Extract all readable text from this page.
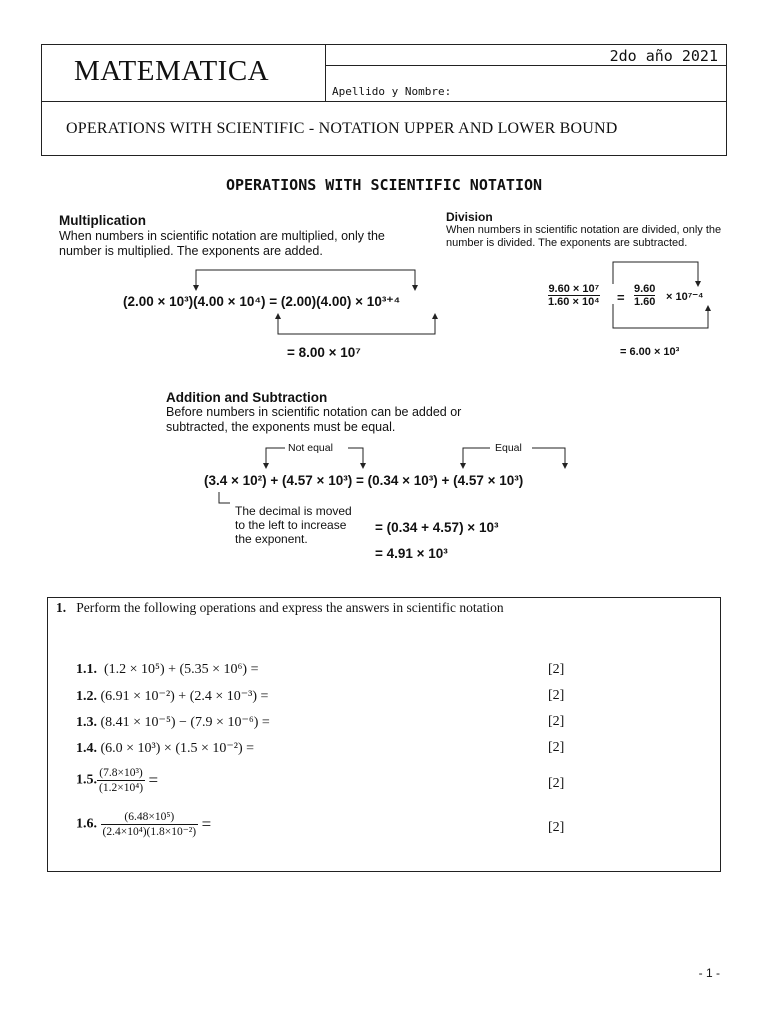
MATEMATICA	2do año 2021
Apellido y Nombre:
OPERATIONS WITH SCIENTIFIC - NOTATION UPPER AND LOWER BOUND
OPERATIONS WITH SCIENTIFIC NOTATION
Multiplication
When numbers in scientific notation are multiplied, only the
number is multiplied. The exponents are added.
(2.00 × 10³)(4.00 × 10⁴) = (2.00)(4.00) × 10³⁺⁴
= 8.00 × 10⁷
Division
When numbers in scientific notation are divided, only the
number is divided. The exponents are subtracted.
$\frac{\text{9.60 × 10⁷}}{\text{1.60 × 10⁴}} = \frac{9.60}{1.60} \times 10^{7-4}$
= 6.00 × 10³
Addition and Subtraction
Before numbers in scientific notation can be added or
subtracted, the exponents must be equal.
Not equal	Equal
(3.4 × 10²) + (4.57 × 10³) = (0.34 × 10³) + (4.57 × 10³)
The decimal is moved
to the left to increase
the exponent.
= (0.34 + 4.57) × 10³
= 4.91 × 10³
1. Perform the following operations and express the answers in scientific notation
1.1. (1.2 × 10⁵) + (5.35 × 10⁶) =	[2]
1.2. (6.91 × 10⁻²) + (2.4 × 10⁻³) =	[2]
1.3. (8.41 × 10⁻⁵) − (7.9 × 10⁻⁶) =	[2]
1.4. (6.0 × 10³) × (1.5 × 10⁻²) =	[2]
1.5. $\frac{\text{(7.8×10³)}}{\text{(1.2×10⁴)}}$ =	[2]
1.6. $\frac{\text{(6.48×10⁵)}}{\text{(2.4×10⁴)(1.8×10⁻²)}}$ =	[2]
- 1 -
